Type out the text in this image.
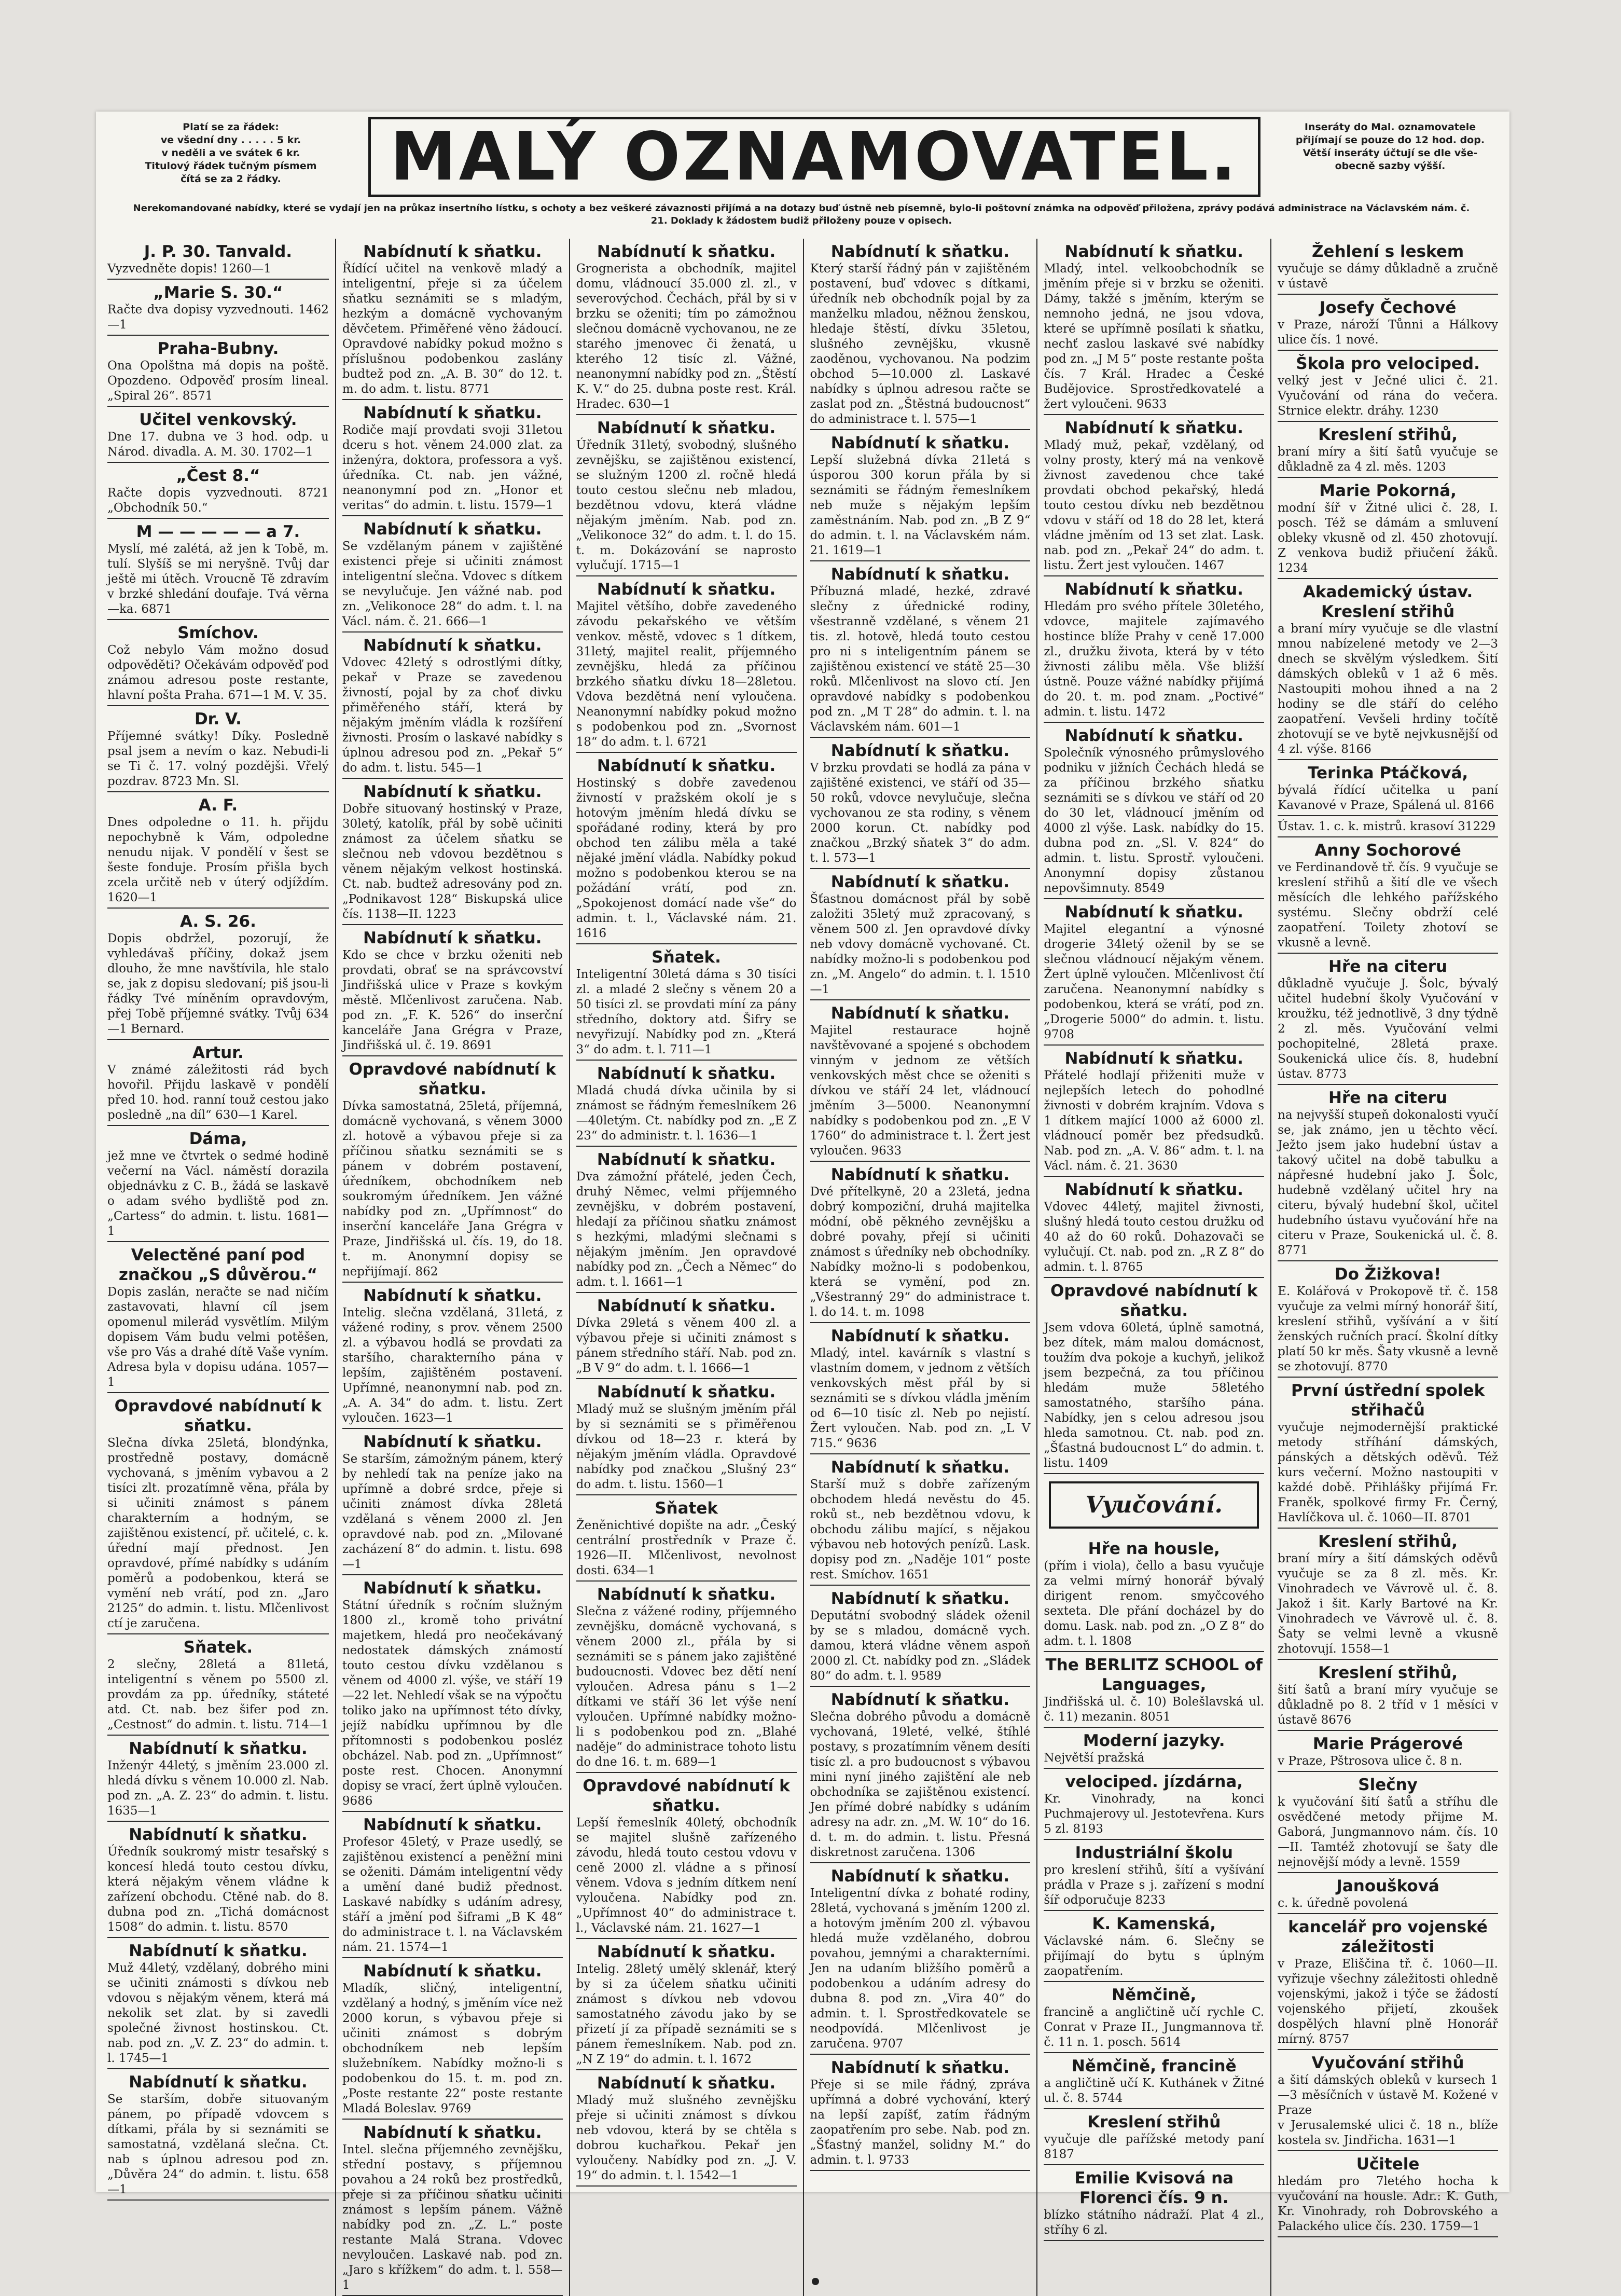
Platí se za řádek:
ve všední dny . . . . . 5 kr.
v neděli a ve svátek 6 kr.
Titulový řádek tučným písmem
čítá se za 2 řádky.	MALÝ OZNAMOVATEL.	Inseráty do Mal. oznamovatele
přijímají se pouze do 12 hod. dop.
Větší inseráty účtují se dle vše-
obecně sazby výšší.
Nerekomandované nabídky, které se vydají jen na průkaz insertního lístku, s ochoty a bez veškeré závaznosti přijímá a na dotazy buď ústně neb písemně, bylo-li poštovní známka na odpověď přiložena, zprávy podává administrace na Václavském nám. č. 21. Doklady k žádostem budiž přiloženy pouze v opisech.
J. P. 30. Tanvald.

Vyzvedněte dopis! 1260—1

„Marie S. 30.“

Račte dva dopisy vyzvednouti. 1462—1

Praha-Bubny.

Ona Opolštna má dopis na poště. Opozdeno. Odpověď prosím lineal. „Spiral 26“. 8571

Učitel venkovský.

Dne 17. dubna ve 3 hod. odp. u Národ. divadla. A. M. 30. 1702—1

„Čest 8.“

Račte dopis vyzvednouti. 8721 „Obchodník 50.“

M — — — — — a 7.

Myslí, mé zalétá, až jen k Tobě, m. tulí. Slyšíš se mi neryšně. Tvůj dar ještě mi útěch. Vroucně Tě zdravím v brzké shledání doufaje. Tvá věrna —ka. 6871

Smíchov.

Což nebylo Vám možno dosud odpověděti? Očekávám odpověď pod známou adresou poste restante, hlavní pošta Praha. 671—1 M. V. 35.

Dr. V.

Příjemné svátky! Díky. Posledně psal jsem a nevím o kaz. Nebudi-li se Ti č. 17. volný pozdějši. Vřelý pozdrav. 8723 Mn. Sl.

A. F.

Dnes odpoledne o 11. h. přijdu nepochybně k Vám, odpoledne nenudu nijak. V pondělí v šest se šeste fonduje. Prosím přišla bych zcela určitě neb v úterý odjíždím. 1620—1

A. S. 26.

Dopis obdržel, pozorují, že vyhledávaš příčiny, dokaž jsem dlouho, že mne navštívila, hle stalo se, jak z dopisu sledovaní; piš jsou-li řádky Tvé míněním opravdovým, přej Tobě příjemné svátky. Tvůj 634—1 Bernard.

Artur.

V známé záležitosti rád bych hovořil. Přijdu laskavě v pondělí před 10. hod. ranní touž cestou jako posledně „na díl“ 630—1 Karel.

Dáma,

jež mne ve čtvrtek o sedmé hodině večerní na Václ. náměstí dorazila objednávku z C. B., žádá se laskavě o adam svého bydliště pod zn. „Cartess“ do admin. t. listu. 1681—1

Velectěné paní pod značkou „S důvěrou.“

Dopis zaslán, neračte se nad ničím zastavovati, hlavní cíl jsem opomenul milerád vysvětlím. Milým dopisem Vám budu velmi potěšen, vše pro Vás a drahé dítě Vaše vyním. Adresa byla v dopisu udána. 1057—1

Opravdové nabídnutí k sňatku.

Slečna dívka 25letá, blondýnka, prostředně postavy, domácně vychovaná, s jměním vybavou a 2 tisíci zlt. prozatímně věna, přála by si učiniti známost s pánem charakterním a hodným, se zajištěnou existencí, př. učitelé, c. k. úřední mají přednost. Jen opravdové, přímé nabídky s udáním poměrů a podobenkou, která se vymění neb vrátí, pod zn. „Jaro 2125“ do admin. t. listu. Mlčenlivost ctí je zaručena.

Sňatek.

2 slečny, 28letá a 81letá, inteligentní s věnem po 5500 zl. provdám za pp. úředníky, státeté atd. Ct. nab. bez šifer pod zn. „Cestnost“ do admin. t. listu. 714—1

Nabídnutí k sňatku.

Inženýr 44letý, s jměním 23.000 zl. hledá dívku s věnem 10.000 zl. Nab. pod zn. „A. Z. 23“ do admin. t. listu. 1635—1

Nabídnutí k sňatku.

Úředník soukromý mistr tesařský s koncesí hledá touto cestou dívku, která nějakým věnem vládne k zařízení obchodu. Ctěné nab. do 8. dubna pod zn. „Tichá domácnost 1508“ do admin. t. listu. 8570

Nabídnutí k sňatku.

Muž 44letý, vzdělaný, dobrého mini se učiniti známosti s dívkou neb vdovou s nějakým věnem, která má nekolik set zlat. by si zavedli společné živnost hostinskou. Ct. nab. pod zn. „V. Z. 23“ do admin. t. l. 1745—1

Nabídnutí k sňatku.

Se starším, dobře situovaným pánem, po případě vdovcem s dítkami, přála by si seznámiti se samostatná, vzdělaná slečna. Ct. nab s úplnou adresou pod zn. „Důvěra 24“ do admin. t. listu. 658—1

Nabídnutí k sňatku.

Řídící učitel na venkově mladý a inteligentní, přeje si za účelem sňatku seznámiti se s mladým, hezkým a domácně vychovaným děvčetem. Přiměřené věno žádoucí. Opravdové nabídky pokud možno s příslušnou podobenkou zaslány budtež pod zn. „A. B. 30“ do 12. t. m. do adm. t. listu. 8771

Nabídnutí k sňatku.

Rodiče mají provdati svoji 31letou dceru s hot. věnem 24.000 zlat. za inženýra, doktora, professora a vyš. úředníka. Ct. nab. jen vážné, neanonymní pod zn. „Honor et veritas“ do admin. t. listu. 1579—1

Nabídnutí k sňatku.

Se vzdělaným pánem v zajištěné existenci přeje si učiniti známost inteligentní slečna. Vdovec s dítkem se nevylučuje. Jen vážné nab. pod zn. „Velikonoce 28“ do adm. t. l. na Václ. nám. č. 21. 666—1

Nabídnutí k sňatku.

Vdovec 42letý s odrostlými dítky, pekař v Praze se zavedenou živností, pojal by za choť divku přiměřeného stáří, která by nějakým jměním vládla k rozšíření živnosti. Prosím o laskavé nabídky s úplnou adresou pod zn. „Pekař 5“ do adm. t. listu. 545—1

Nabídnutí k sňatku.

Dobře situovaný hostinský v Praze, 30letý, katolík, přál by sobě učiniti známost za účelem sňatku se slečnou neb vdovou bezdětnou s věnem nějakým velkost hostinská. Ct. nab. budtež adresovány pod zn. „Podnikavost 128“ Biskupská ulice čís. 1138—II. 1223

Nabídnutí k sňatku.

Kdo se chce v brzku oženiti neb provdati, obrať se na správcovství Jindřišská ulice v Praze s kovkým městě. Mlčenlivost zaručena. Nab. pod zn. „F. K. 526“ do inserční kanceláře Jana Grégra v Praze, Jindřišská ul. č. 19. 8691

Opravdové nabídnutí k sňatku.

Dívka samostatná, 25letá, příjemná, domácně vychovaná, s věnem 3000 zl. hotově a výbavou přeje si za příčinou sňatku seznámiti se s pánem v dobrém postavení, úředníkem, obchodníkem neb soukromým úředníkem. Jen vážné nabídky pod zn. „Upřímnost“ do inserční kanceláře Jana Grégra v Praze, Jindřišská ul. čís. 19, do 18. t. m. Anonymní dopisy se nepřijímají. 862

Nabídnutí k sňatku.

Intelig. slečna vzdělaná, 31letá, z vážené rodiny, s prov. věnem 2500 zl. a výbavou hodlá se provdati za staršího, charakterního pána v lepším, zajištěném postavení. Upřímné, neanonymní nab. pod zn. „A. A. 34“ do adm. t. listu. Zert vyloučen. 1623—1

Nabídnutí k sňatku.

Se starším, zámožným pánem, který by nehledí tak na peníze jako na upřímně a dobré srdce, přeje si učiniti známost dívka 28letá vzdělaná s věnem 2000 zl. Jen opravdové nab. pod zn. „Milované zacházení 8“ do admin. t. listu. 698—1

Nabídnutí k sňatku.

Státní úředník s ročním služným 1800 zl., kromě toho privátní majetkem, hledá pro neočekávaný nedostatek dámských známostí touto cestou dívku vzdělanou s věnem od 4000 zl. výše, ve stáří 19—22 let. Nehledí však se na výpočtu toliko jako na upřímnost této dívky, jejíž nabídku upřímnou by dle přítomnosti s podobenkou posléz obcházel. Nab. pod zn. „Upřímnost“ poste rest. Chocen. Anonymní dopisy se vrací, žert úplně vyloučen. 9686

Nabídnutí k sňatku.

Profesor 45letý, v Praze usedlý, se zajištěnou existencí a peněžní mini se oženiti. Dámám inteligentní vědy a umění dané budiž přednost. Laskavé nabídky s udáním adresy, stáří a jmění pod šiframi „B K 48“ do administrace t. l. na Václavském nám. 21. 1574—1

Nabídnutí k sňatku.

Mladík, sličný, inteligentní, vzdělaný a hodný, s jměním více než 2000 korun, s výbavou přeje si učiniti známost s dobrým obchodníkem neb lepším služebníkem. Nabídky možno-li s podobenkou do 15. t. m. pod zn. „Poste restante 22“ poste restante Mladá Boleslav. 9769

Nabídnutí k sňatku.

Intel. slečna příjemného zevnějšku, střední postavy, s příjemnou povahou a 24 roků bez prostředků, přeje si za příčinou sňatku učiniti známost s lepším pánem. Vážně nabídky pod zn. „Z. L.“ poste restante Malá Strana. Vdovec nevyloučen. Laskavé nab. pod zn. „Jaro s křížkem“ do adm. t. l. 558—1

Nabídnutí k sňatku.

Grognerista a obchodník, majitel domu, vládnoucí 35.000 zl. zl., v severovýchod. Čechách, přál by si v brzku se oženiti; tím po zámožnou slečnou domácně vychovanou, ne ze starého jmenovec či ženatá, u kterého 12 tisíc zl. Vážné, neanonymní nabídky pod zn. „Štěstí K. V.“ do 25. dubna poste rest. Král. Hradec. 630—1

Nabídnutí k sňatku.

Úředník 31letý, svobodný, slušného zevnějšku, se zajištěnou existencí, se služným 1200 zl. ročně hledá touto cestou slečnu neb mladou, bezdětnou vdovu, která vládne nějakým jměním. Nab. pod zn. „Velikonoce 32“ do adm. t. l. do 15. t. m. Dokázování se naprosto vylučují. 1715—1

Nabídnutí k sňatku.

Majitel většího, dobře zavedeného závodu pekařského ve větším venkov. městě, vdovec s 1 dítkem, 31letý, majitel realit, příjemného zevnějšku, hledá za příčinou brzkého sňatku dívku 18—28letou. Vdova bezdětná není vyloučena. Neanonymní nabídky pokud možno s podobenkou pod zn. „Svornost 18“ do adm. t. l. 6721

Nabídnutí k sňatku.

Hostinský s dobře zavedenou živností v pražském okolí je s hotovým jměním hledá dívku se spořádané rodiny, která by pro obchod ten zálibu měla a také nějaké jmění vládla. Nabídky pokud možno s podobenkou kterou se na požádání vrátí, pod zn. „Spokojenost domácí nade vše“ do admin. t. l., Václavské nám. 21. 1616

Sňatek.

Inteligentní 30letá dáma s 30 tisíci zl. a mladé 2 slečny s věnem 20 a 50 tisíci zl. se provdati míní za pány středního, doktory atd. Šifry se nevyřizují. Nabídky pod zn. „Která 3“ do adm. t. l. 711—1

Nabídnutí k sňatku.

Mladá chudá dívka učinila by si známost se řádným řemeslníkem 26—40letým. Ct. nabídky pod zn. „E Z 23“ do administr. t. l. 1636—1

Nabídnutí k sňatku.

Dva zámožní přátelé, jeden Čech, druhý Němec, velmi příjemného zevnějšku, v dobrém postavení, hledají za příčinou sňatku známost s hezkými, mladými slečnami s nějakým jměním. Jen opravdové nabídky pod zn. „Čech a Němec“ do adm. t. l. 1661—1

Nabídnutí k sňatku.

Dívka 29letá s věnem 400 zl. a výbavou přeje si učiniti známost s pánem středního stáří. Nab. pod zn. „B V 9“ do adm. t. l. 1666—1

Nabídnutí k sňatku.

Mladý muž se slušným jměním přál by si seznámiti se s přiměřenou dívkou od 18—23 r. která by nějakým jměním vládla. Opravdové nabídky pod značkou „Slušný 23“ do adm. t. listu. 1560—1

Sňatek

Ženěnichtivé dopište na adr. „Český centrální prostředník v Praze č. 1926—II. Mlčenlivost, nevolnost dosti. 634—1

Nabídnutí k sňatku.

Slečna z vážené rodiny, příjemného zevnějšku, domácně vychovaná, s věnem 2000 zl., přála by si seznámiti se s pánem jako zajištěné budoucnosti. Vdovec bez dětí není vyloučen. Adresa pánu s 1—2 dítkami ve stáří 36 let výše není vyloučen. Upřímné nabídky možno-li s podobenkou pod zn. „Blahé naděje“ do administrace tohoto listu do dne 16. t. m. 689—1

Opravdové nabídnutí k sňatku.

Lepší řemeslník 40letý, obchodník se majitel slušně zařízeného závodu, hledá touto cestou vdovu v ceně 2000 zl. vládne a s přinosí věnem. Vdova s jedním dítkem není vyloučena. Nabídky pod zn. „Upřímnost 40“ do administrace t. l., Václavské nám. 21. 1627—1

Nabídnutí k sňatku.

Intelig. 28letý umělý sklenář, který by si za účelem sňatku učiniti známost s dívkou neb vdovou samostatného závodu jako by se přizetí jí za případě seznámiti se s pánem řemeslníkem. Nab. pod zn. „N Z 19“ do admin. t. l. 1672

Nabídnutí k sňatku.

Mladý muž slušného zevnějšku přeje si učiniti známost s dívkou neb vdovou, která by se chtěla s dobrou kuchařkou. Pekař jen vyloučeny. Nabídky pod zn. „J. V. 19“ do admin. t. l. 1542—1

Nabídnutí k sňatku.

Který starší řádný pán v zajištěném postavení, buď vdovec s dítkami, úředník neb obchodník pojal by za manželku mladou, něžnou ženskou, hledaje štěstí, dívku 35letou, slušného zevnějšku, vkusně zaoděnou, vychovanou. Na podzim obchod 5—10.000 zl. Laskavé nabídky s úplnou adresou račte se zaslat pod zn. „Štěstná budoucnost“ do administrace t. l. 575—1

Nabídnutí k sňatku.

Lepší služebná dívka 21letá s úsporou 300 korun přála by si seznámiti se řádným řemeslníkem neb muže s nějakým lepším zaměstnáním. Nab. pod zn. „B Z 9“ do admin. t. l. na Václavském nám. 21. 1619—1

Nabídnutí k sňatku.

Příbuzná mladé, hezké, zdravé slečny z úřednické rodiny, všestranně vzdělané, s věnem 21 tis. zl. hotově, hledá touto cestou pro ni s inteligentním pánem se zajištěnou existencí ve státě 25—30 roků. Mlčenlivost na slovo ctí. Jen opravdové nabídky s podobenkou pod zn. „M T 28“ do admin. t. l. na Václavském nám. 601—1

Nabídnutí k sňatku.

V brzku provdati se hodlá za pána v zajištěné existenci, ve stáří od 35—50 roků, vdovce nevylučuje, slečna vychovanou ze sta rodiny, s věnem 2000 korun. Ct. nabídky pod značkou „Brzký sňatek 3“ do adm. t. l. 573—1

Nabídnutí k sňatku.

Šťastnou domácnost přál by sobě založiti 35letý muž zpracovaný, s věnem 500 zl. Jen opravdové dívky neb vdovy domácně vychované. Ct. nabídky možno-li s podobenkou pod zn. „M. Angelo“ do admin. t. l. 1510—1

Nabídnutí k sňatku.

Majitel restaurace hojně navštěvované a spojené s obchodem vinným v jednom ze větších venkovských měst chce se oženiti s dívkou ve stáří 24 let, vládnoucí jměním 3—5000. Neanonymní nabídky s podobenkou pod zn. „E V 1760“ do administrace t. l. Žert jest vyloučen. 9633

Nabídnutí k sňatku.

Dvé přítelkyně, 20 a 23letá, jedna dobrý kompoziční, druhá majitelka módní, obě pěkného zevnějšku a dobré povahy, přejí si učiniti známost s úředníky neb obchodníky. Nabídky možno-li s podobenkou, která se vymění, pod zn. „Všestranný 29“ do administrace t. l. do 14. t. m. 1098

Nabídnutí k sňatku.

Mladý, intel. kavárník s vlastní s vlastním domem, v jednom z větších venkovských měst přál by si seznámiti se s dívkou vládla jměním od 6—10 tisíc zl. Neb po nejistí. Žert vyloučen. Nab. pod zn. „L V 715.“ 9636

Nabídnutí k sňatku.

Starší muž s dobře zařízeným obchodem hledá nevěstu do 45. roků st., neb bezdětnou vdovu, k obchodu zálibu mající, s nějakou výbavou neb hotových penízů. Lask. dopisy pod zn. „Naděje 101“ poste rest. Smíchov. 1651

Nabídnutí k sňatku.

Deputátní svobodný sládek oženil by se s mladou, domácně vych. damou, která vládne věnem aspoň 2000 zl. Ct. nabídky pod zn. „Sládek 80“ do adm. t. l. 9589

Nabídnutí k sňatku.

Slečna dobrého původu a domácně vychovaná, 19leté, velké, štíhlé postavy, s prozatímním věnem desíti tisíc zl. a pro budoucnost s výbavou mini nyní jiného zajištění ale neb obchodníka se zajištěnou existencí. Jen přímé dobré nabídky s udáním adresy na adr. zn. „M. W. 10“ do 16. d. t. m. do admin. t. listu. Přesná diskretnost zaručena. 1306

Nabídnutí k sňatku.

Inteligentní dívka z bohaté rodiny, 28letá, vychovaná s jměním 1200 zl. a hotovým jměním 200 zl. výbavou hledá muže vzdělaného, dobrou povahou, jemnými a charakterními. Jen na udaním bližšího poměrů a podobenkou a udáním adresy do dubna 8. pod zn. „Vira 40“ do admin. t. l. Sprostředkovatele se neodpovídá. Mlčenlivost je zaručena. 9707

Nabídnutí k sňatku.

Přeje si se mile řádný, zpráva upřímná a dobré vychování, který na lepší zapíšť, zatím řádným zaopatřením pro sebe. Nab. pod zn. „Šťastný manžel, solidny M.“ do admin. t. l. 9733

Nabídnutí k sňatku.

Mladý, intel. velkoobchodník se jměním přeje si v brzku se oženiti. Dámy, takžé s jměním, kterým se nemnoho jedná, ne jsou vdova, které se upřímně posílati k sňatku, nechť zaslou laskavé své nabídky pod zn. „J M 5“ poste restante pošta čís. 7 Král. Hradec a České Budějovice. Sprostředkovatelé a žert vyloučeni. 9633

Nabídnutí k sňatku.

Mladý muž, pekař, vzdělaný, od volny prosty, který má na venkově živnost zavedenou chce také provdati obchod pekařský, hledá touto cestou dívku neb bezdětnou vdovu v stáří od 18 do 28 let, která vládne jměním od 13 set zlat. Lask. nab. pod zn. „Pekař 24“ do adm. t. listu. Žert jest vyloučen. 1467

Nabídnutí k sňatku.

Hledám pro svého přítele 30letého, vdovce, majitele zajímavého hostince blíže Prahy v ceně 17.000 zl., družku života, která by v této živnosti zálibu měla. Vše bližší ústně. Pouze vážné nabídky přijímá do 20. t. m. pod znam. „Poctivé“ admin. t. listu. 1472

Nabídnutí k sňatku.

Společník výnosného průmyslového podniku v jižních Čechách hledá se za příčinou brzkého sňatku seznámiti se s dívkou ve stáří od 20 do 30 let, vládnoucí jměním od 4000 zl výše. Lask. nabídky do 15. dubna pod zn. „Sl. V. 824“ do admin. t. listu. Sprostř. vyloučeni. Anonymní dopisy zůstanou nepovšimnuty. 8549

Nabídnutí k sňatku.

Majitel elegantní a výnosné drogerie 34letý oženil by se se slečnou vládnoucí nějakým věnem. Žert úplně vyloučen. Mlčenlivost čtí zaručena. Neanonymní nabídky s podobenkou, která se vrátí, pod zn. „Drogerie 5000“ do admin. t. listu. 9708

Nabídnutí k sňatku.

Přátelé hodlají přiženiti muže v nejlepších letech do pohodlné živnosti v dobrém krajním. Vdova s 1 dítkem mající 1000 až 6000 zl. vládnoucí poměr bez předsudků. Nab. pod zn. „A. V. 86“ adm. t. l. na Václ. nám. č. 21. 3630

Nabídnutí k sňatku.

Vdovec 44letý, majitel živnosti, slušný hledá touto cestou družku od 40 až do 60 roků. Dohazovači se vylučují. Ct. nab. pod zn. „R Z 8“ do admin. t. l. 8765

Opravdové nabídnutí k sňatku.

Jsem vdova 60letá, úplně samotná, bez dítek, mám malou domácnost, toužím dva pokoje a kuchyň, jelikož jsem bezpečná, za tou příčinou hledám muže 58letého samostatného, staršího pána. Nabídky, jen s celou adresou jsou hleda samotnou. Ct. nab. pod zn. „Šťastná budoucnost L“ do admin. t. listu. 1409

Vyučování.
Hře na housle,

(přím i viola), čello a basu vyučuje za velmi mírný honorář bývalý dirigent renom. smyčcového sexteta. Dle přání docházel by do domu. Lask. nab. pod zn. „O Z 8“ do adm. t. l. 1808

The BERLITZ SCHOOL of Languages,

Jindřišská ul. č. 10) Bolešlavská ul. č. 11) mezanin. 8051

Moderní jazyky.

Největší pražská

velociped. jízdárna,

Kr. Vinohrady, na konci Puchmajerovy ul. Jestotevřena. Kurs 5 zl. 8193

Industriální školu

pro kreslení střihů, šítí a vyšívání prádla v Praze s j. zařízení s modní šíř odporučuje 8233

K. Kamenská,

Václavské nám. 6. Slečny se přijímají do bytu s úplným zaopatřením.

Němčině,

francině a angličtině učí rychle C. Conrat v Praze II., Jungmannova tř. č. 11 n. 1. posch. 5614

Němčině, francině

a angličtině učí K. Kuthánek v Žitné ul. č. 8. 5744

Kreslení střihů

vyučuje dle pařížské metody paní 8187

Emilie Kvisová na Florenci čís. 9 n.

blízko státního nádraží. Plat 4 zl., stříhy 6 zl.

Žehlení s leskem

vyučuje se dámy důkladně a zručně v ústavě

Josefy Čechové

v Praze, nároží Tůnni a Hálkovy ulice čís. 1 nové.

Škola pro velociped.

velký jest v Ječné ulici č. 21. Vyučování od rána do večera. Strnice elektr. dráhy. 1230

Kreslení střihů,

braní míry a šití šatů vyučuje se důkladně za 4 zl. měs. 1203

Marie Pokorná,

modní šíř v Žitné ulici č. 28, I. posch. Též se dámám a smluvení obleky vkusně od zl. 450 zhotovují. Z venkova budiž přiučení žáků. 1234

Akademický ústav. Kreslení střihů

a braní míry vyučuje se dle vlastní mnou nabízelené metody ve 2—3 dnech se skvělým výsledkem. Šití dámských obleků v 1 až 6 měs. Nastoupiti mohou ihned a na 2 hodiny se dle stáří do celého zaopatření. Vevšeli hrdiny točítě zhotovují se ve bytě nejvkusnější od 4 zl. výše. 8166

Terinka Ptáčková,

bývalá řídící učitelka u paní Kavanové v Praze, Spálená ul. 8166

Ústav. 1. c. k. mistrů. krasoví 31229

Anny Sochorové

ve Ferdinandově tř. čís. 9 vyučuje se kreslení střihů a šití dle ve všech měsících dle lehkého pařížského systému. Slečny obdrží celé zaopatření. Toilety zhotoví se vkusně a levně.

Hře na citeru

důkladně vyučuje J. Šolc, bývalý učitel hudební školy Vyučování v kroužku, též jednotlivě, 3 dny týdně 2 zl. měs. Vyučování velmi pochopitelné, 28letá praxe. Soukenická ulice čís. 8, hudební ústav. 8773

Hře na citeru

na nejvyšší stupeň dokonalosti vyučí se, jak známo, jen u těchto věcí. Ježto jsem jako hudební ústav a takový učitel na době tabulku a nápřesné hudební jako J. Šolc, hudebně vzdělaný učitel hry na citeru, bývalý hudební škol, učitel hudebního ústavu vyučování hře na citeru v Praze, Soukenická ul. č. 8. 8771

Do Žižkova!

E. Kolářová v Prokopově tř. č. 158 vyučuje za velmi mírný honorář šití, kreslení střihů, vyšívání a v šití ženských ručních prací. Školní dítky platí 50 kr měs. Šaty vkusně a levně se zhotovují. 8770

První ústřední spolek střihačů

vyučuje nejmodernější praktické metody stříhání dámských, pánských a dětských oděvů. Též kurs večerní. Možno nastoupiti v každé době. Přihlášky přijímá Fr. Franěk, spolkové firmy Fr. Černý, Havlíčkova ul. č. 1060—II. 8701

Kreslení střihů,

braní míry a šití dámských oděvů vyučuje se za 8 zl. měs. Kr. Vinohradech ve Vávrově ul. č. 8. Jakož i šit. Karly Bartové na Kr. Vinohradech ve Vávrově ul. č. 8. Šaty se velmi levně a vkusně zhotovují. 1558—1

Kreslení střihů,

šití šatů a braní míry vyučuje se důkladně po 8. 2 tříd v 1 měsíci v ústavě 8676

Marie Prágerové

v Praze, Pštrosova ulice č. 8 n.

Slečny

k vyučování šití šatů a stříhu dle osvědčené metody přijme M. Gaborá, Jungmannovo nám. čís. 10—II. Tamtéž zhotovují se šaty dle nejnovější módy a levně. 1559

Janoušková

c. k. úředně povolená

kancelář pro vojenské záležitosti

v Praze, Eliščina tř. č. 1060—II. vyřizuje všechny záležitosti ohledně vojenskými, jakož i týče se žádostí vojenského přijetí, zkoušek dospělých hlavní plně Honorář mírný. 8757

Vyučování střihů

a šití dámských obleků v kursech 1—3 měsíčních v ústavě M. Kožené v Praze

v Jerusalemské ulici č. 18 n., blíže kostela sv. Jindřicha. 1631—1

Učitele

hledám pro 7letého hocha k vyučování na housle. Adr.: K. Guth, Kr. Vinohrady, roh Dobrovského a Palackého ulice čís. 230. 1759—1
